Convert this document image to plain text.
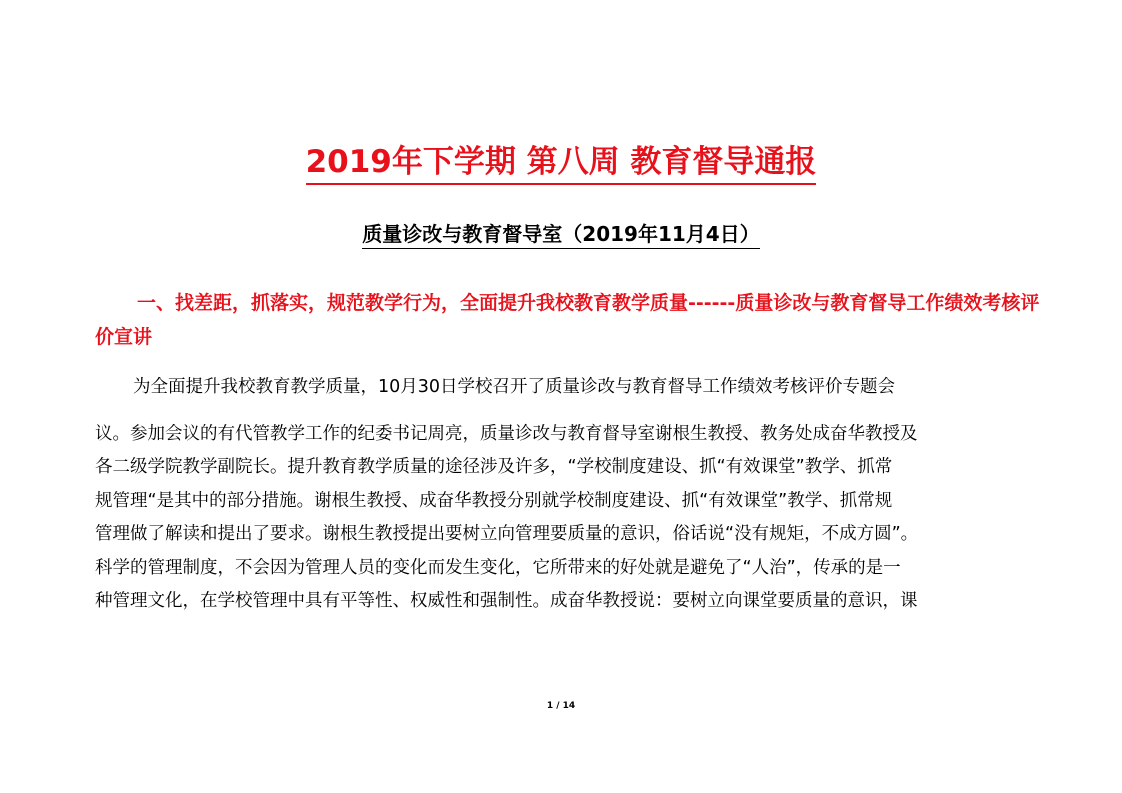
2019年下学期 第八周 教育督导通报
质量诊改与教育督导室（2019年11月4日）
一、找差距，抓落实，规范教学行为，全面提升我校教育教学质量------质量诊改与教育督导工作绩效考核评价宣讲

为全面提升我校教育教学质量，10月30日学校召开了质量诊改与教育督导工作绩效考核评价专题会

议。参加会议的有代管教学工作的纪委书记周亮，质量诊改与教育督导室谢根生教授、教务处成奋华教授及

各二级学院教学副院长。提升教育教学质量的途径涉及许多，“学校制度建设、抓“有效课堂”教学、抓常

规管理“是其中的部分措施。谢根生教授、成奋华教授分别就学校制度建设、抓“有效课堂”教学、抓常规

管理做了解读和提出了要求。谢根生教授提出要树立向管理要质量的意识，俗话说“没有规矩，不成方圆”。

科学的管理制度，不会因为管理人员的变化而发生变化，它所带来的好处就是避免了“人治”，传承的是一

种管理文化，在学校管理中具有平等性、权威性和强制性。成奋华教授说：要树立向课堂要质量的意识，课

1 / 14
